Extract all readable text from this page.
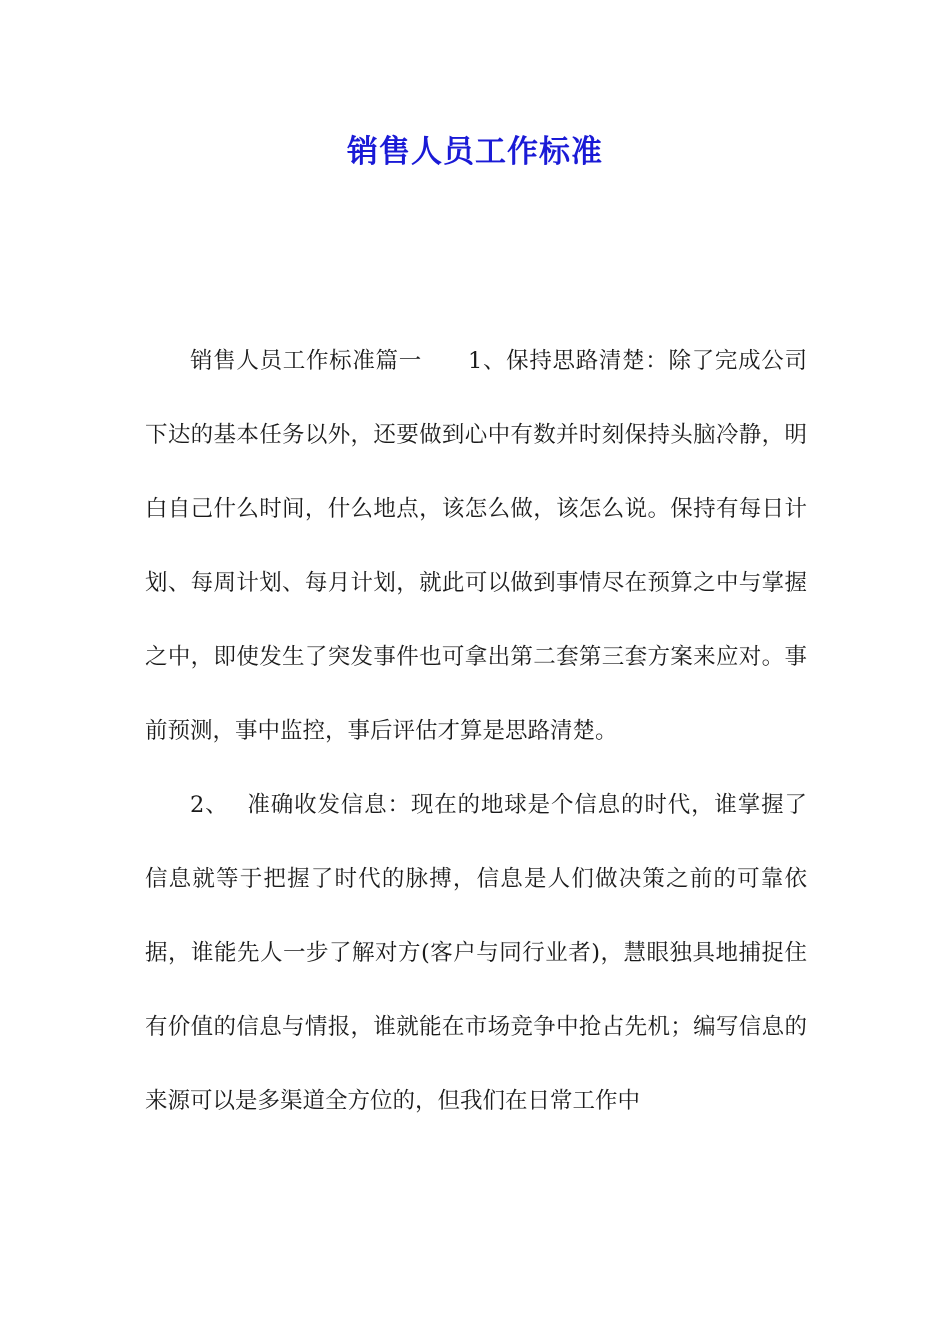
销售人员工作标准

销售人员工作标准篇一 1、保持思路清楚：除了完成公司下达的基本任务以外，还要做到心中有数并时刻保持头脑冷静，明白自己什么时间，什么地点，该怎么做，该怎么说。保持有每日计划、每周计划、每月计划，就此可以做到事情尽在预算之中与掌握之中，即使发生了突发事件也可拿出第二套第三套方案来应对。事前预测，事中监控，事后评估才算是思路清楚。

2、 准确收发信息：现在的地球是个信息的时代，谁掌握了信息就等于把握了时代的脉搏，信息是人们做决策之前的可靠依据，谁能先人一步了解对方(客户与同行业者)，慧眼独具地捕捉住有价值的信息与情报，谁就能在市场竞争中抢占先机；编写信息的来源可以是多渠道全方位的，但我们在日常工作中
